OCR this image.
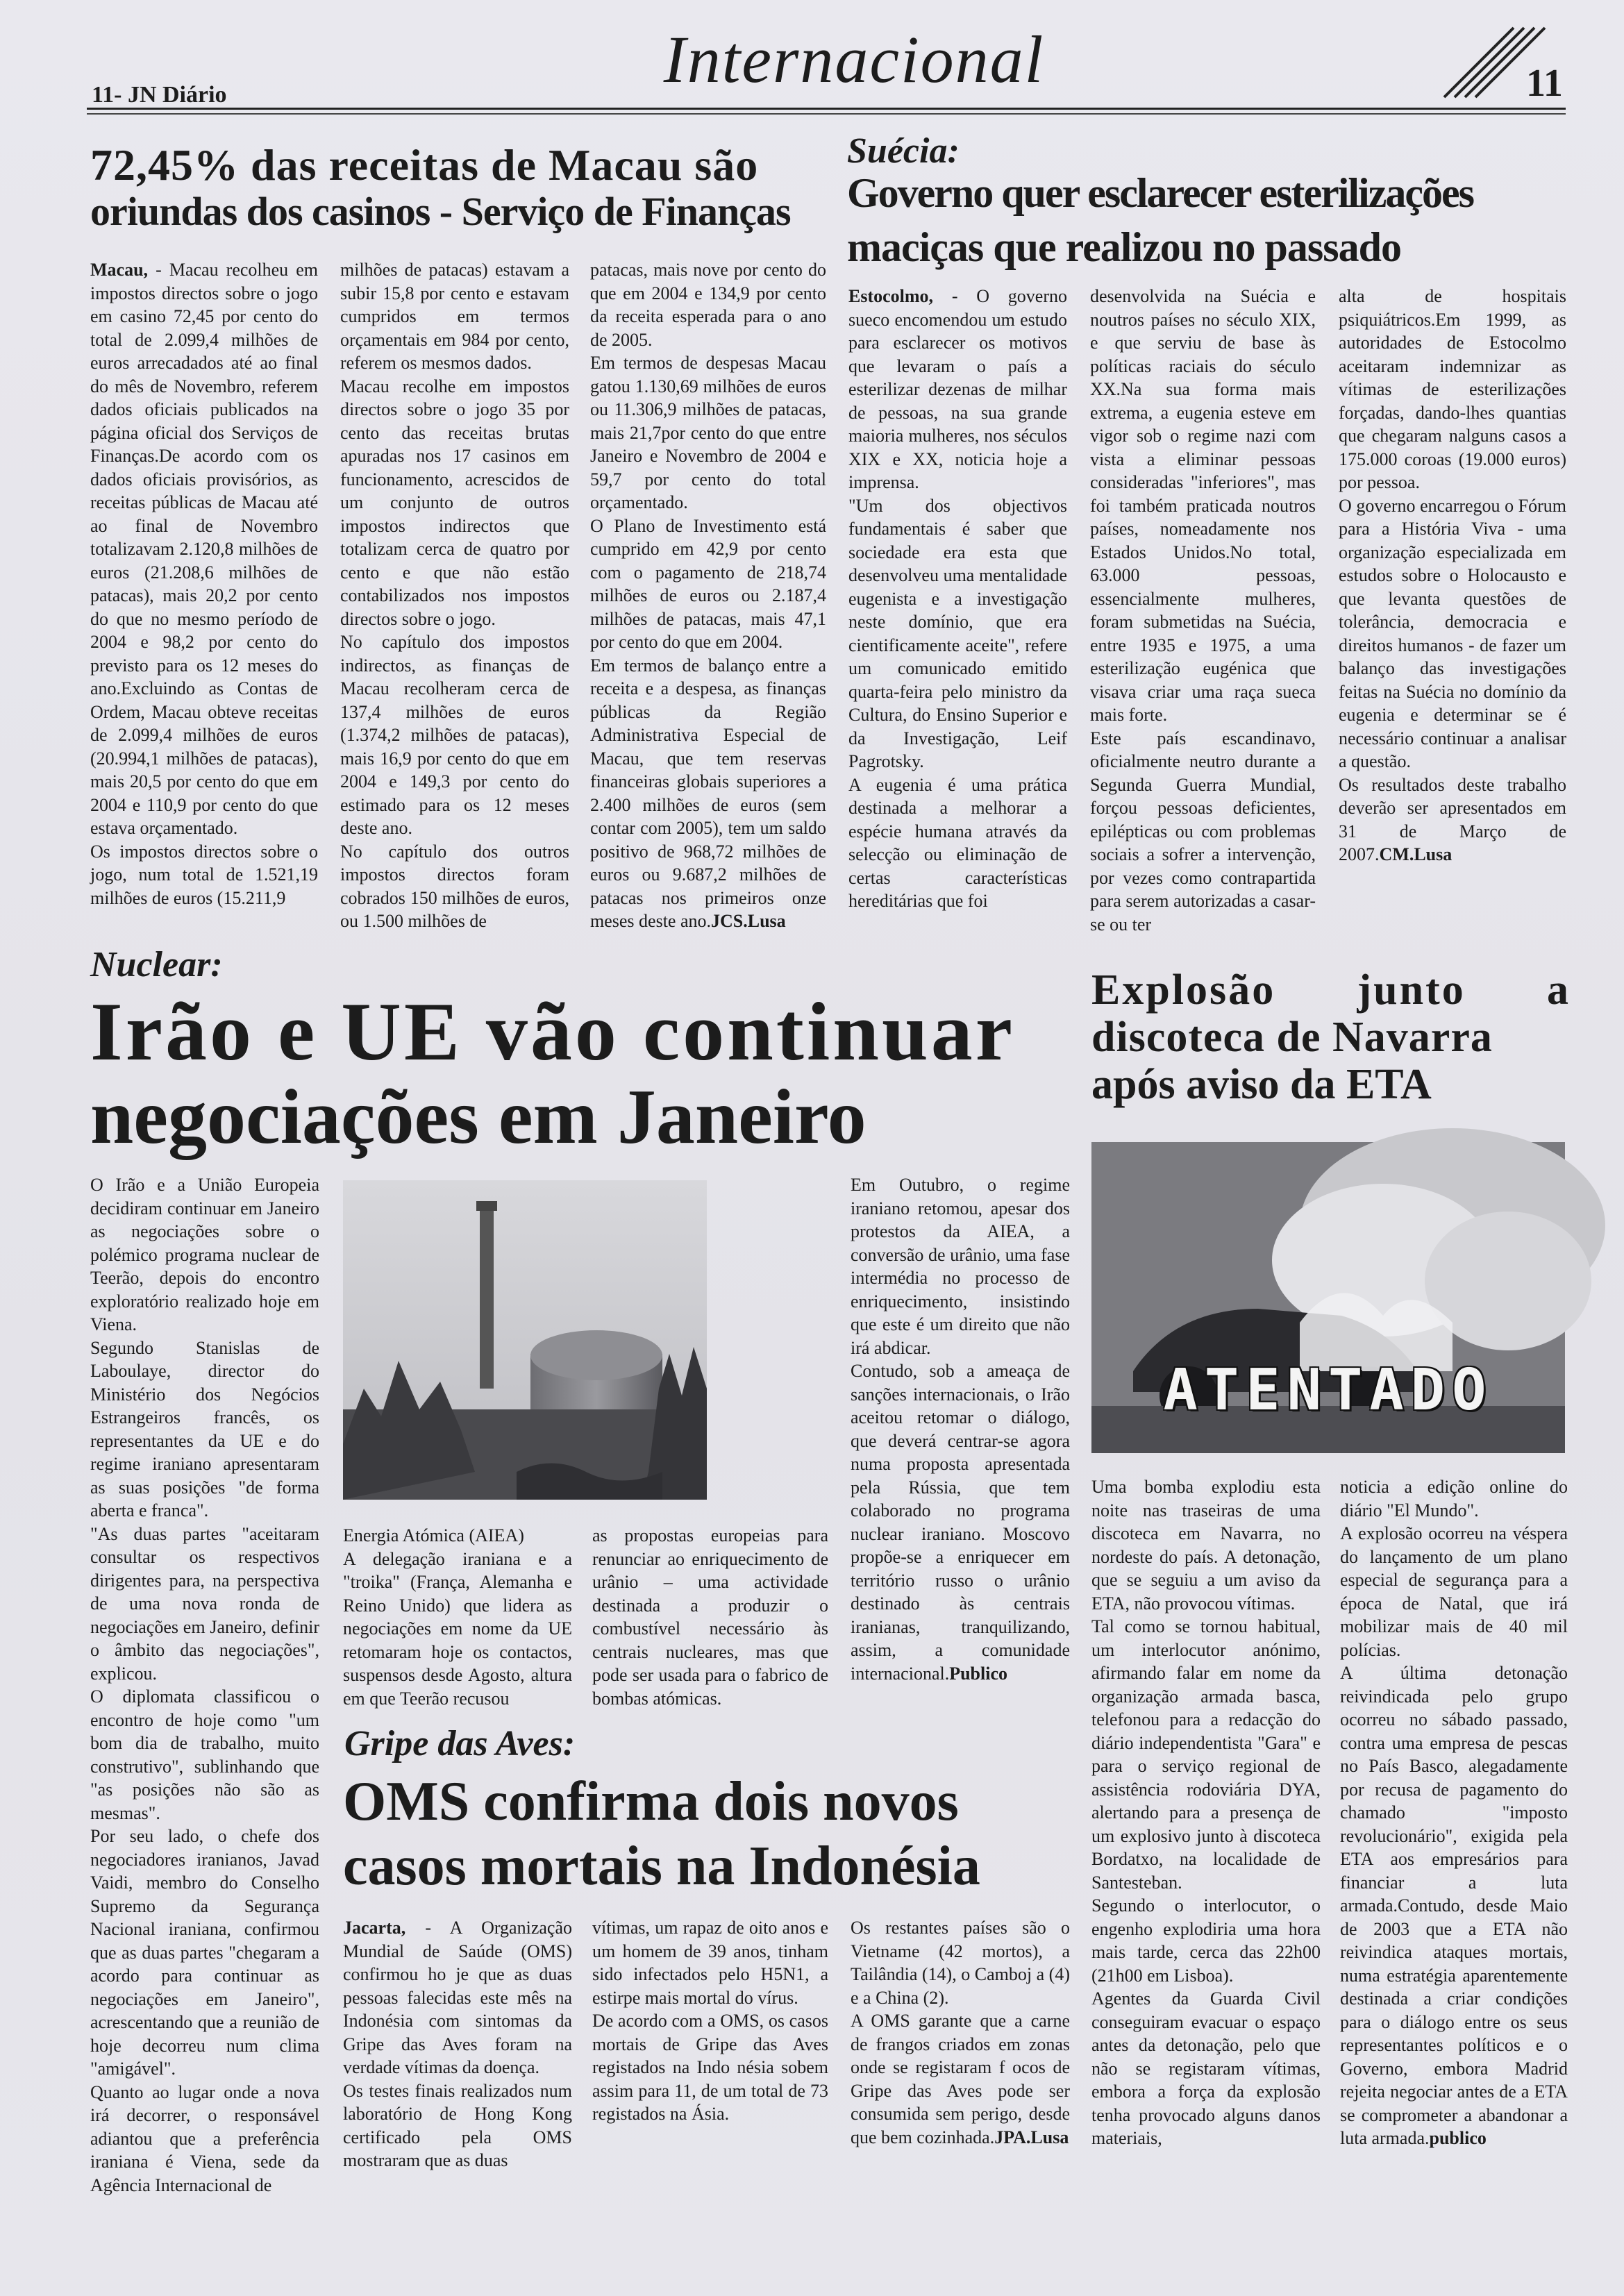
11- JN Diário	Internacional	11
72,45% das receitas de Macau são
oriundas dos casinos - Serviço de Finanças
Macau, - Macau recolheu em impostos directos sobre o jogo em casino 72,45 por cento do total de 2.099,4 milhões de euros arrecadados até ao final do mês de Novembro, referem dados oficiais publicados na página oficial dos Serviços de Finanças.De acordo com os dados oficiais provisórios, as receitas públicas de Macau até ao final de Novembro totalizavam 2.120,8 milhões de euros (21.208,6 milhões de patacas), mais 20,2 por cento do que no mesmo período de 2004 e 98,2 por cento do previsto para os 12 meses do ano.Excluindo as Contas de Ordem, Macau obteve receitas de 2.099,4 milhões de euros (20.994,1 milhões de patacas), mais 20,5 por cento do que em 2004 e 110,9 por cento do que estava orçamentado.
Os impostos directos sobre o jogo, num total de 1.521,19 milhões de euros (15.211,9
milhões de patacas) estavam a subir 15,8 por cento e estavam cumpridos em termos orçamentais em 984 por cento, referem os mesmos dados.
Macau recolhe em impostos directos sobre o jogo 35 por cento das receitas brutas apuradas nos 17 casinos em funcionamento, acrescidos de um conjunto de outros impostos indirectos que totalizam cerca de quatro por cento e que não estão contabilizados nos impostos directos sobre o jogo.
No capítulo dos impostos indirectos, as finanças de Macau recolheram cerca de 137,4 milhões de euros (1.374,2 milhões de patacas), mais 16,9 por cento do que em 2004 e 149,3 por cento do estimado para os 12 meses deste ano.
No capítulo dos outros impostos directos foram cobrados 150 milhões de euros, ou 1.500 milhões de
patacas, mais nove por cento do que em 2004 e 134,9 por cento da receita esperada para o ano de 2005.
Em termos de despesas Macau gatou 1.130,69 milhões de euros ou 11.306,9 milhões de patacas, mais 21,7por cento do que entre Janeiro e Novembro de 2004 e 59,7 por cento do total orçamentado.
O Plano de Investimento está cumprido em 42,9 por cento com o pagamento de 218,74 milhões de euros ou 2.187,4 milhões de patacas, mais 47,1 por cento do que em 2004.
Em termos de balanço entre a receita e a despesa, as finanças públicas da Região Administrativa Especial de Macau, que tem reservas financeiras globais superiores a 2.400 milhões de euros (sem contar com 2005), tem um saldo positivo de 968,72 milhões de euros ou 9.687,2 milhões de patacas nos primeiros onze meses deste ano.JCS.Lusa
Suécia:
Governo quer esclarecer esterilizações
maciças que realizou no passado
Estocolmo, - O governo sueco encomendou um estudo para esclarecer os motivos que levaram o país a esterilizar dezenas de milhar de pessoas, na sua grande maioria mulheres, nos séculos XIX e XX, noticia hoje a imprensa.
"Um dos objectivos fundamentais é saber que sociedade era esta que desenvolveu uma mentalidade eugenista e a investigação neste domínio, que era cientificamente aceite", refere um comunicado emitido quarta-feira pelo ministro da Cultura, do Ensino Superior e da Investigação, Leif Pagrotsky.
A eugenia é uma prática destinada a melhorar a espécie humana através da selecção ou eliminação de certas características hereditárias que foi
desenvolvida na Suécia e noutros países no século XIX, e que serviu de base às políticas raciais do século XX.Na sua forma mais extrema, a eugenia esteve em vigor sob o regime nazi com vista a eliminar pessoas consideradas "inferiores", mas foi também praticada noutros países, nomeadamente nos Estados Unidos.No total, 63.000 pessoas, essencialmente mulheres, foram submetidas na Suécia, entre 1935 e 1975, a uma esterilização eugénica que visava criar uma raça sueca mais forte.
Este país escandinavo, oficialmente neutro durante a Segunda Guerra Mundial, forçou pessoas deficientes, epilépticas ou com problemas sociais a sofrer a intervenção, por vezes como contrapartida para serem autorizadas a casar-se ou ter
alta de hospitais psiquiátricos.Em 1999, as autoridades de Estocolmo aceitaram indemnizar as vítimas de esterilizações forçadas, dando-lhes quantias que chegaram nalguns casos a 175.000 coroas (19.000 euros) por pessoa.
O governo encarregou o Fórum para a História Viva - uma organização especializada em estudos sobre o Holocausto e que levanta questões de tolerância, democracia e direitos humanos - de fazer um balanço das investigações feitas na Suécia no domínio da eugenia e determinar se é necessário continuar a analisar a questão.
Os resultados deste trabalho deverão ser apresentados em 31 de Março de 2007.CM.Lusa
Nuclear:
Irão e UE vão continuar
negociações em Janeiro
O Irão e a União Europeia decidiram continuar em Janeiro as negociações sobre o polémico programa nuclear de Teerão, depois do encontro exploratório realizado hoje em Viena.
Segundo Stanislas de Laboulaye, director do Ministério dos Negócios Estrangeiros francês, os representantes da UE e do regime iraniano apresentaram as suas posições "de forma aberta e franca".
"As duas partes "aceitaram consultar os respectivos dirigentes para, na perspectiva de uma nova ronda de negociações em Janeiro, definir o âmbito das negociações", explicou.
O diplomata classificou o encontro de hoje como "um bom dia de trabalho, muito construtivo", sublinhando que "as posições não são as mesmas".
Por seu lado, o chefe dos negociadores iranianos, Javad Vaidi, membro do Conselho Supremo da Segurança Nacional iraniana, confirmou que as duas partes "chegaram a acordo para continuar as negociações em Janeiro", acrescentando que a reunião de hoje decorreu num clima "amigável".
Quanto ao lugar onde a nova irá decorrer, o responsável adiantou que a preferência iraniana é Viena, sede da Agência Internacional de
Energia Atómica (AIEA)
A delegação iraniana e a "troika" (França, Alemanha e Reino Unido) que lidera as negociações em nome da UE retomaram hoje os contactos, suspensos desde Agosto, altura em que Teerão recusou
as propostas europeias para renunciar ao enriquecimento de urânio – uma actividade destinada a produzir o combustível necessário às centrais nucleares, mas que pode ser usada para o fabrico de bombas atómicas.
Em Outubro, o regime iraniano retomou, apesar dos protestos da AIEA, a conversão de urânio, uma fase intermédia no processo de enriquecimento, insistindo que este é um direito que não irá abdicar.
Contudo, sob a ameaça de sanções internacionais, o Irão aceitou retomar o diálogo, que deverá centrar-se agora numa proposta apresentada pela Rússia, que tem colaborado no programa nuclear iraniano. Moscovo propõe-se a enriquecer em território russo o urânio destinado às centrais iranianas, tranquilizando, assim, a comunidade internacional.Publico
Explosão junto a
discoteca de Navarra
após aviso da ETA
ATENTADO
Uma bomba explodiu esta noite nas traseiras de uma discoteca em Navarra, no nordeste do país. A detonação, que se seguiu a um aviso da ETA, não provocou vítimas.
Tal como se tornou habitual, um interlocutor anónimo, afirmando falar em nome da organização armada basca, telefonou para a redacção do diário independentista "Gara" e para o serviço regional de assistência rodoviária DYA, alertando para a presença de um explosivo junto à discoteca Bordatxo, na localidade de Santesteban.
Segundo o interlocutor, o engenho explodiria uma hora mais tarde, cerca das 22h00 (21h00 em Lisboa).
Agentes da Guarda Civil conseguiram evacuar o espaço antes da detonação, pelo que não se registaram vítimas, embora a força da explosão tenha provocado alguns danos materiais,
noticia a edição online do diário "El Mundo".
A explosão ocorreu na véspera do lançamento de um plano especial de segurança para a época de Natal, que irá mobilizar mais de 40 mil polícias.
A última detonação reivindicada pelo grupo ocorreu no sábado passado, contra uma empresa de pescas no País Basco, alegadamente por recusa de pagamento do chamado "imposto revolucionário", exigida pela ETA aos empresários para financiar a luta armada.Contudo, desde Maio de 2003 que a ETA não reivindica ataques mortais, numa estratégia aparentemente destinada a criar condições para o diálogo entre os seus representantes políticos e o Governo, embora Madrid rejeita negociar antes de a ETA se comprometer a abandonar a luta armada.publico
Gripe das Aves:
OMS confirma dois novos
casos mortais na Indonésia
Jacarta, - A Organização Mundial de Saúde (OMS) confirmou ho je que as duas pessoas falecidas este mês na Indonésia com sintomas da Gripe das Aves foram na verdade vítimas da doença.
Os testes finais realizados num laboratório de Hong Kong certificado pela OMS mostraram que as duas
vítimas, um rapaz de oito anos e um homem de 39 anos, tinham sido infectados pelo H5N1, a estirpe mais mortal do vírus.
De acordo com a OMS, os casos mortais de Gripe das Aves registados na Indo nésia sobem assim para 11, de um total de 73 registados na Ásia.
Os restantes países são o Vietname (42 mortos), a Tailândia (14), o Camboj a (4) e a China (2).
A OMS garante que a carne de frangos criados em zonas onde se registaram f ocos de Gripe das Aves pode ser consumida sem perigo, desde que bem cozinhada.JPA.Lusa
